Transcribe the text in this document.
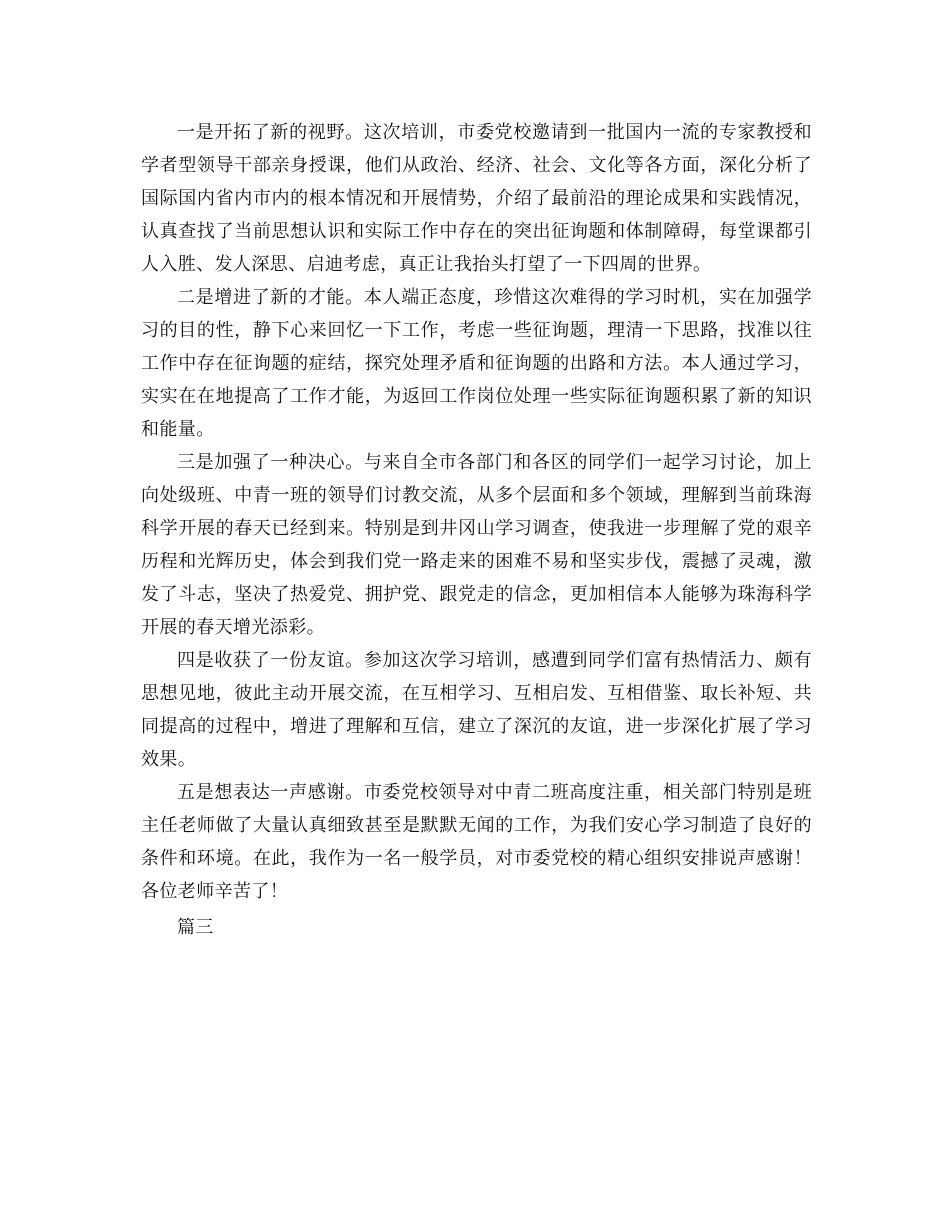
一是开拓了新的视野。这次培训，市委党校邀请到一批国内一流的专家教授和学者型领导干部亲身授课，他们从政治、经济、社会、文化等各方面，深化分析了国际国内省内市内的根本情况和开展情势，介绍了最前沿的理论成果和实践情况，认真查找了当前思想认识和实际工作中存在的突出征询题和体制障碍，每堂课都引人入胜、发人深思、启迪考虑，真正让我抬头打望了一下四周的世界。

二是增进了新的才能。本人端正态度，珍惜这次难得的学习时机，实在加强学习的目的性，静下心来回忆一下工作，考虑一些征询题，理清一下思路，找准以往工作中存在征询题的症结，探究处理矛盾和征询题的出路和方法。本人通过学习，实实在在地提高了工作才能，为返回工作岗位处理一些实际征询题积累了新的知识和能量。

三是加强了一种决心。与来自全市各部门和各区的同学们一起学习讨论，加上向处级班、中青一班的领导们讨教交流，从多个层面和多个领域，理解到当前珠海科学开展的春天已经到来。特别是到井冈山学习调查，使我进一步理解了党的艰辛历程和光辉历史，体会到我们党一路走来的困难不易和坚实步伐，震撼了灵魂，激发了斗志，坚决了热爱党、拥护党、跟党走的信念，更加相信本人能够为珠海科学开展的春天增光添彩。

四是收获了一份友谊。参加这次学习培训，感遭到同学们富有热情活力、颇有思想见地，彼此主动开展交流，在互相学习、互相启发、互相借鉴、取长补短、共同提高的过程中，增进了理解和互信，建立了深沉的友谊，进一步深化扩展了学习效果。

五是想表达一声感谢。市委党校领导对中青二班高度注重，相关部门特别是班主任老师做了大量认真细致甚至是默默无闻的工作，为我们安心学习制造了良好的条件和环境。在此，我作为一名一般学员，对市委党校的精心组织安排说声感谢！各位老师辛苦了！

篇三
